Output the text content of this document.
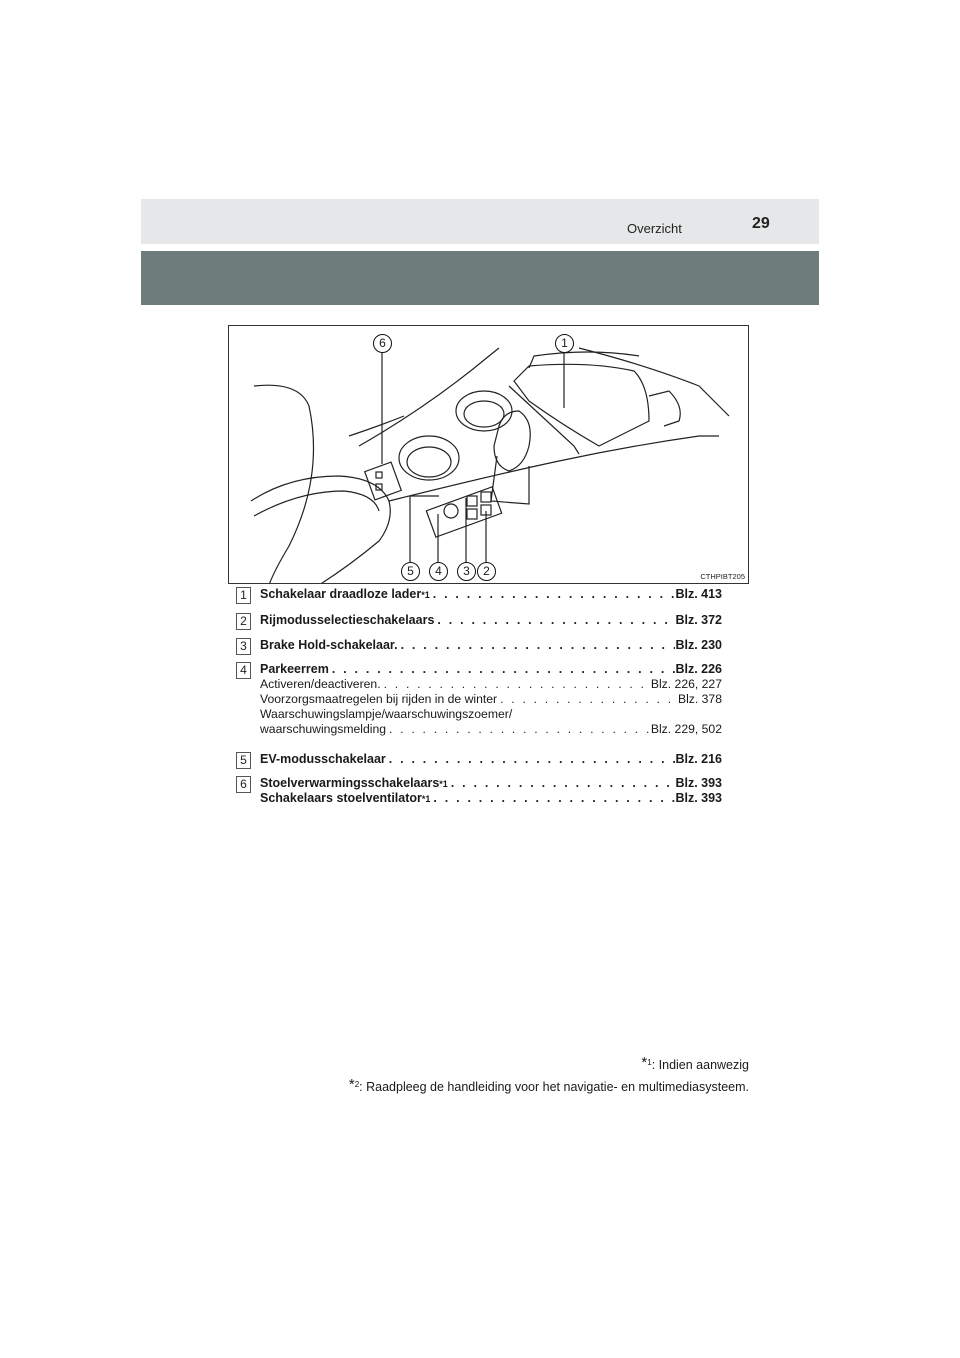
Overzicht	29
6	1
5	4	3	2	CTHPIBT205
1	Schakelaar draadloze lader *1 . . .	Blz. 413
2	Rijmodusselectieschakelaars . . .	Blz. 372
3	Brake Hold-schakelaar. . . .	Blz. 230
4	Parkeerrem . . .	Blz. 226
Activeren/deactiveren. . . .	Blz. 226, 227
Voorzorgsmaatregelen bij rijden in de winter . . .	Blz. 378
Waarschuwingslampje/waarschuwingszoemer/
waarschuwingsmelding . . .	Blz. 229, 502
5	EV-modusschakelaar . . .	Blz. 216
6	Stoelverwarmingsschakelaars *1 . . .	Blz. 393
Schakelaars stoelventilator *1 . . .	Blz. 393
*$^1$: Indien aanwezig
*$^2$: Raadpleeg de handleiding voor het navigatie- en multimediasysteem.
